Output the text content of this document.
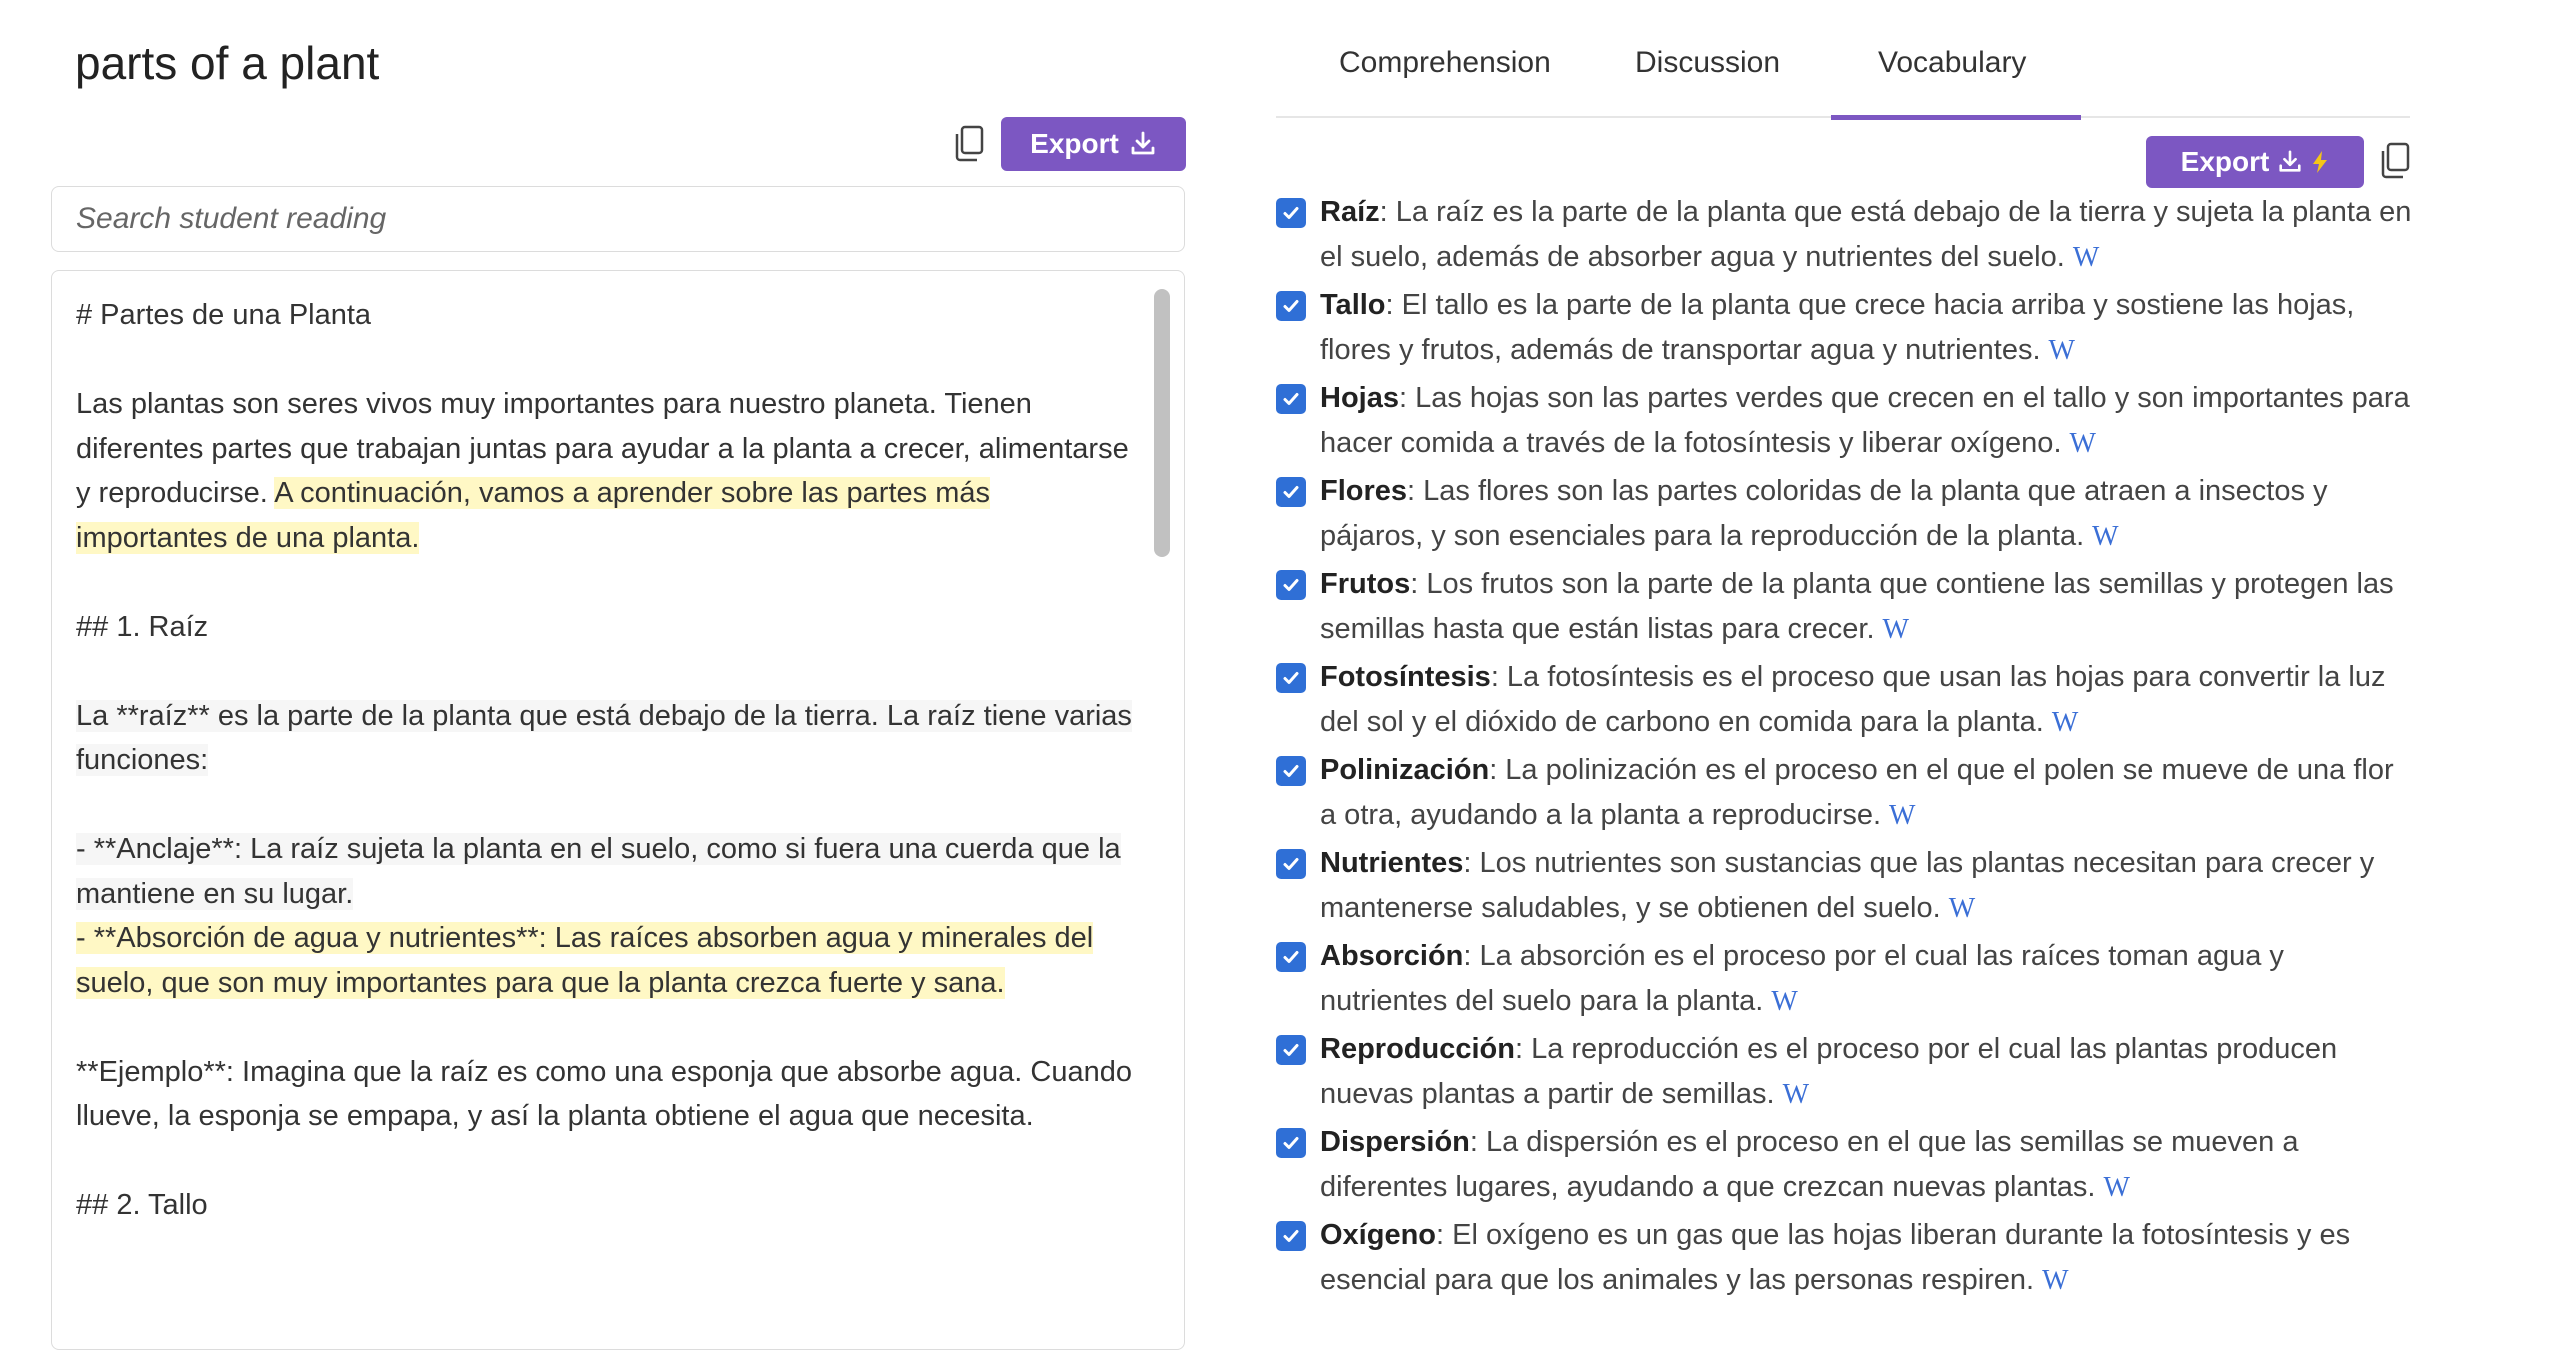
parts of a plant
Export
Search student reading

# Partes de una Planta

Las plantas son seres vivos muy importantes para nuestro planeta. Tienen diferentes partes que trabajan juntas para ayudar a la planta a crecer, alimentarse y reproducirse. A continuación, vamos a aprender sobre las partes más importantes de una planta.

## 1. Raíz

La **raíz** es la parte de la planta que está debajo de la tierra. La raíz tiene varias funciones:

- **Anclaje**: La raíz sujeta la planta en el suelo, como si fuera una cuerda que la mantiene en su lugar.
- **Absorción de agua y nutrientes**: Las raíces absorben agua y minerales del suelo, que son muy importantes para que la planta crezca fuerte y sana.

**Ejemplo**: Imagina que la raíz es como una esponja que absorbe agua. Cuando llueve, la esponja se empapa, y así la planta obtiene el agua que necesita.

## 2. Tallo

Comprehension	Discussion	Vocabulary
Export
Raíz: La raíz es la parte de la planta que está debajo de la tierra y sujeta la planta en el suelo, además de absorber agua y nutrientes del suelo. W
Tallo: El tallo es la parte de la planta que crece hacia arriba y sostiene las hojas, flores y frutos, además de transportar agua y nutrientes. W
Hojas: Las hojas son las partes verdes que crecen en el tallo y son importantes para hacer comida a través de la fotosíntesis y liberar oxígeno. W
Flores: Las flores son las partes coloridas de la planta que atraen a insectos y pájaros, y son esenciales para la reproducción de la planta. W
Frutos: Los frutos son la parte de la planta que contiene las semillas y protegen las semillas hasta que están listas para crecer. W
Fotosíntesis: La fotosíntesis es el proceso que usan las hojas para convertir la luz del sol y el dióxido de carbono en comida para la planta. W
Polinización: La polinización es el proceso en el que el polen se mueve de una flor a otra, ayudando a la planta a reproducirse. W
Nutrientes: Los nutrientes son sustancias que las plantas necesitan para crecer y mantenerse saludables, y se obtienen del suelo. W
Absorción: La absorción es el proceso por el cual las raíces toman agua y nutrientes del suelo para la planta. W
Reproducción: La reproducción es el proceso por el cual las plantas producen nuevas plantas a partir de semillas. W
Dispersión: La dispersión es el proceso en el que las semillas se mueven a diferentes lugares, ayudando a que crezcan nuevas plantas. W
Oxígeno: El oxígeno es un gas que las hojas liberan durante la fotosíntesis y es esencial para que los animales y las personas respiren. W
